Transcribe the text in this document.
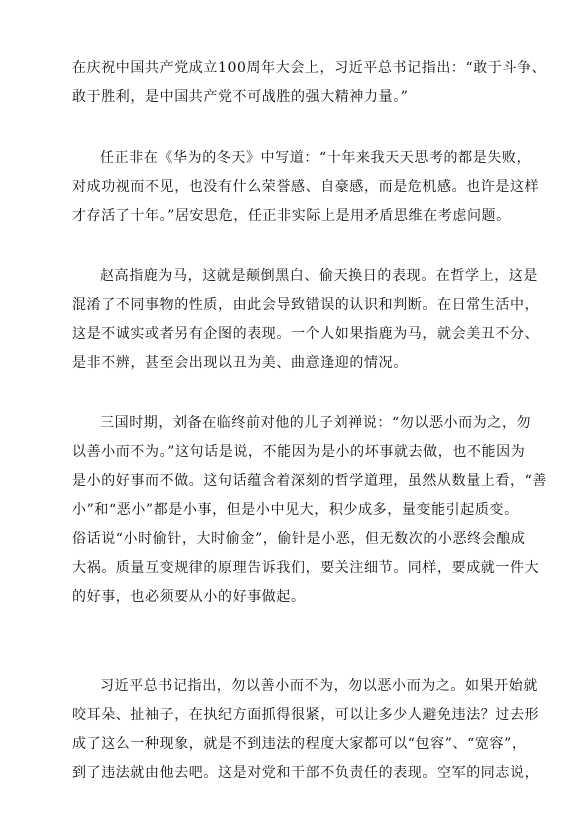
在庆祝中国共产党成立100周年大会上，习近平总书记指出：“敢于斗争、
敢于胜利，是中国共产党不可战胜的强大精神力量。”
任正非在《华为的冬天》中写道：“十年来我天天思考的都是失败，
对成功视而不见，也没有什么荣誉感、自豪感，而是危机感。也许是这样
才存活了十年。”居安思危，任正非实际上是用矛盾思维在考虑问题。
赵高指鹿为马，这就是颠倒黑白、偷天换日的表现。在哲学上，这是
混淆了不同事物的性质，由此会导致错误的认识和判断。在日常生活中，
这是不诚实或者另有企图的表现。一个人如果指鹿为马，就会美丑不分、
是非不辨，甚至会出现以丑为美、曲意逢迎的情况。
三国时期，刘备在临终前对他的儿子刘禅说：“勿以恶小而为之，勿
以善小而不为。”这句话是说，不能因为是小的坏事就去做，也不能因为
是小的好事而不做。这句话蕴含着深刻的哲学道理，虽然从数量上看，“善
小”和“恶小”都是小事，但是小中见大，积少成多，量变能引起质变。
俗话说“小时偷针，大时偷金”，偷针是小恶，但无数次的小恶终会酿成
大祸。质量互变规律的原理告诉我们，要关注细节。同样，要成就一件大
的好事，也必须要从小的好事做起。
习近平总书记指出，勿以善小而不为，勿以恶小而为之。如果开始就
咬耳朵、扯袖子，在执纪方面抓得很紧，可以让多少人避免违法？过去形
成了这么一种现象，就是不到违法的程度大家都可以“包容”、“宽容”，
到了违法就由他去吧。这是对党和干部不负责任的表现。空军的同志说，
